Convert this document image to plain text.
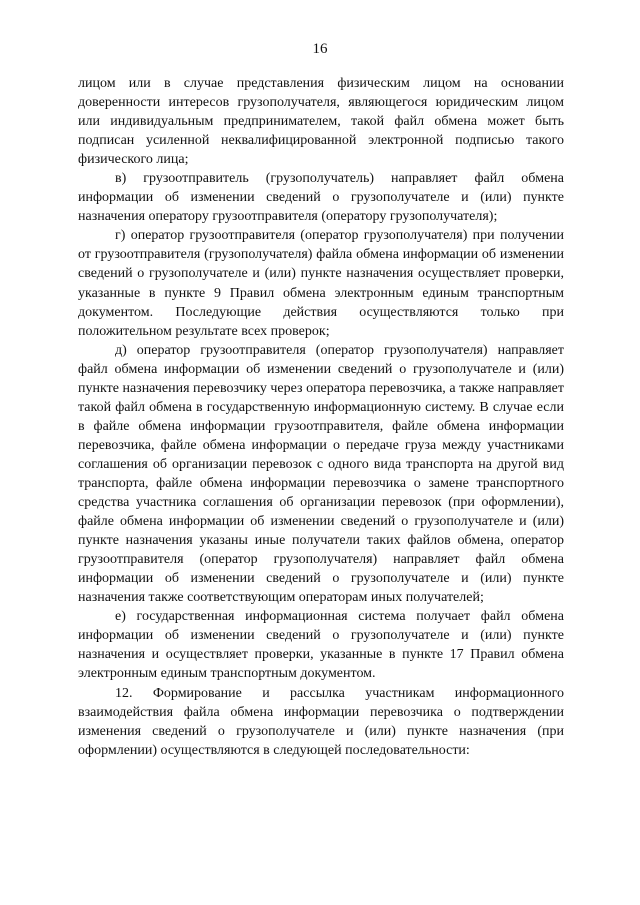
16

лицом или в случае представления физическим лицом на основании доверенности интересов грузополучателя, являющегося юридическим лицом или индивидуальным предпринимателем, такой файл обмена может быть подписан усиленной неквалифицированной электронной подписью такого физического лица;

в) грузоотправитель (грузополучатель) направляет файл обмена информации об изменении сведений о грузополучателе и (или) пункте назначения оператору грузоотправителя (оператору грузополучателя);

г) оператор грузоотправителя (оператор грузополучателя) при получении от грузоотправителя (грузополучателя) файла обмена информации об изменении сведений о грузополучателе и (или) пункте назначения осуществляет проверки, указанные в пункте 9 Правил обмена электронным единым транспортным документом. Последующие действия осуществляются только при положительном результате всех проверок;

д) оператор грузоотправителя (оператор грузополучателя) направляет файл обмена информации об изменении сведений о грузополучателе и (или) пункте назначения перевозчику через оператора перевозчика, а также направляет такой файл обмена в государственную информационную систему. В случае если в файле обмена информации грузоотправителя, файле обмена информации перевозчика, файле обмена информации о передаче груза между участниками соглашения об организации перевозок с одного вида транспорта на другой вид транспорта, файле обмена информации перевозчика о замене транспортного средства участника соглашения об организации перевозок (при оформлении), файле обмена информации об изменении сведений о грузополучателе и (или) пункте назначения указаны иные получатели таких файлов обмена, оператор грузоотправителя (оператор грузополучателя) направляет файл обмена информации об изменении сведений о грузополучателе и (или) пункте назначения также соответствующим операторам иных получателей;

е) государственная информационная система получает файл обмена информации об изменении сведений о грузополучателе и (или) пункте назначения и осуществляет проверки, указанные в пункте 17 Правил обмена электронным единым транспортным документом.

12. Формирование и рассылка участникам информационного взаимодействия файла обмена информации перевозчика о подтверждении изменения сведений о грузополучателе и (или) пункте назначения (при оформлении) осуществляются в следующей последовательности:
